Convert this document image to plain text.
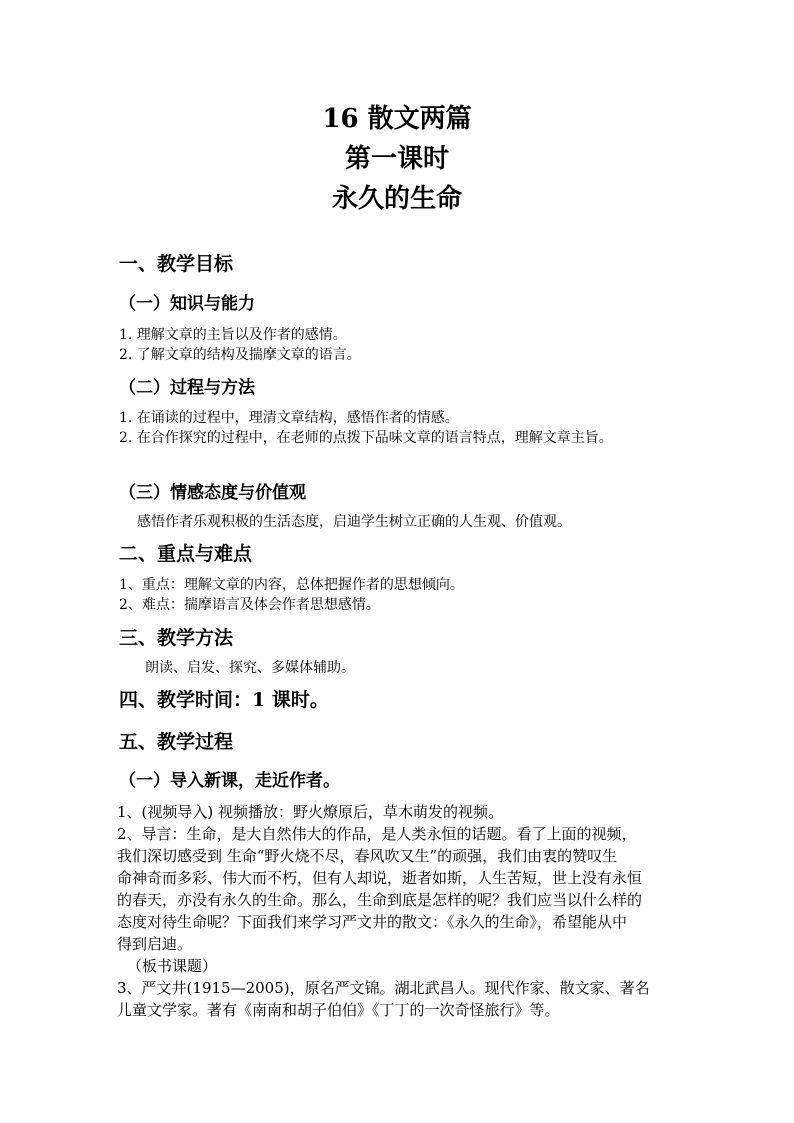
16 散文两篇
第一课时
永久的生命
一、教学目标
（一）知识与能力
1. 理解文章的主旨以及作者的感情。
2. 了解文章的结构及揣摩文章的语言。
（二）过程与方法
1. 在诵读的过程中，理清文章结构，感悟作者的情感。
2. 在合作探究的过程中，在老师的点拨下品味文章的语言特点，理解文章主旨。
（三）情感态度与价值观
感悟作者乐观积极的生活态度，启迪学生树立正确的人生观、价值观。
二、重点与难点
1、重点：理解文章的内容，总体把握作者的思想倾向。
2、难点：揣摩语言及体会作者思想感情。
三、教学方法
朗读、启发、探究、多媒体辅助。
四、教学时间：1 课时。
五、教学过程
（一）导入新课，走近作者。
1、(视频导入) 视频播放：野火燎原后，草木萌发的视频。
2、导言：生命，是大自然伟大的作品，是人类永恒的话题。看了上面的视频，
我们深切感受到 生命“野火烧不尽，春风吹又生”的顽强，我们由衷的赞叹生
命神奇而多彩、伟大而不朽，但有人却说，逝者如斯，人生苦短，世上没有永恒
的春天，亦没有永久的生命。那么，生命到底是怎样的呢？我们应当以什么样的
态度对待生命呢？下面我们来学习严文井的散文：《永久的生命》，希望能从中
得到启迪。
（板书课题）
3、严文井(1915—2005)，原名严文锦。湖北武昌人。现代作家、散文家、著名
儿童文学家。著有《南南和胡子伯伯》《丁丁的一次奇怪旅行》等。
